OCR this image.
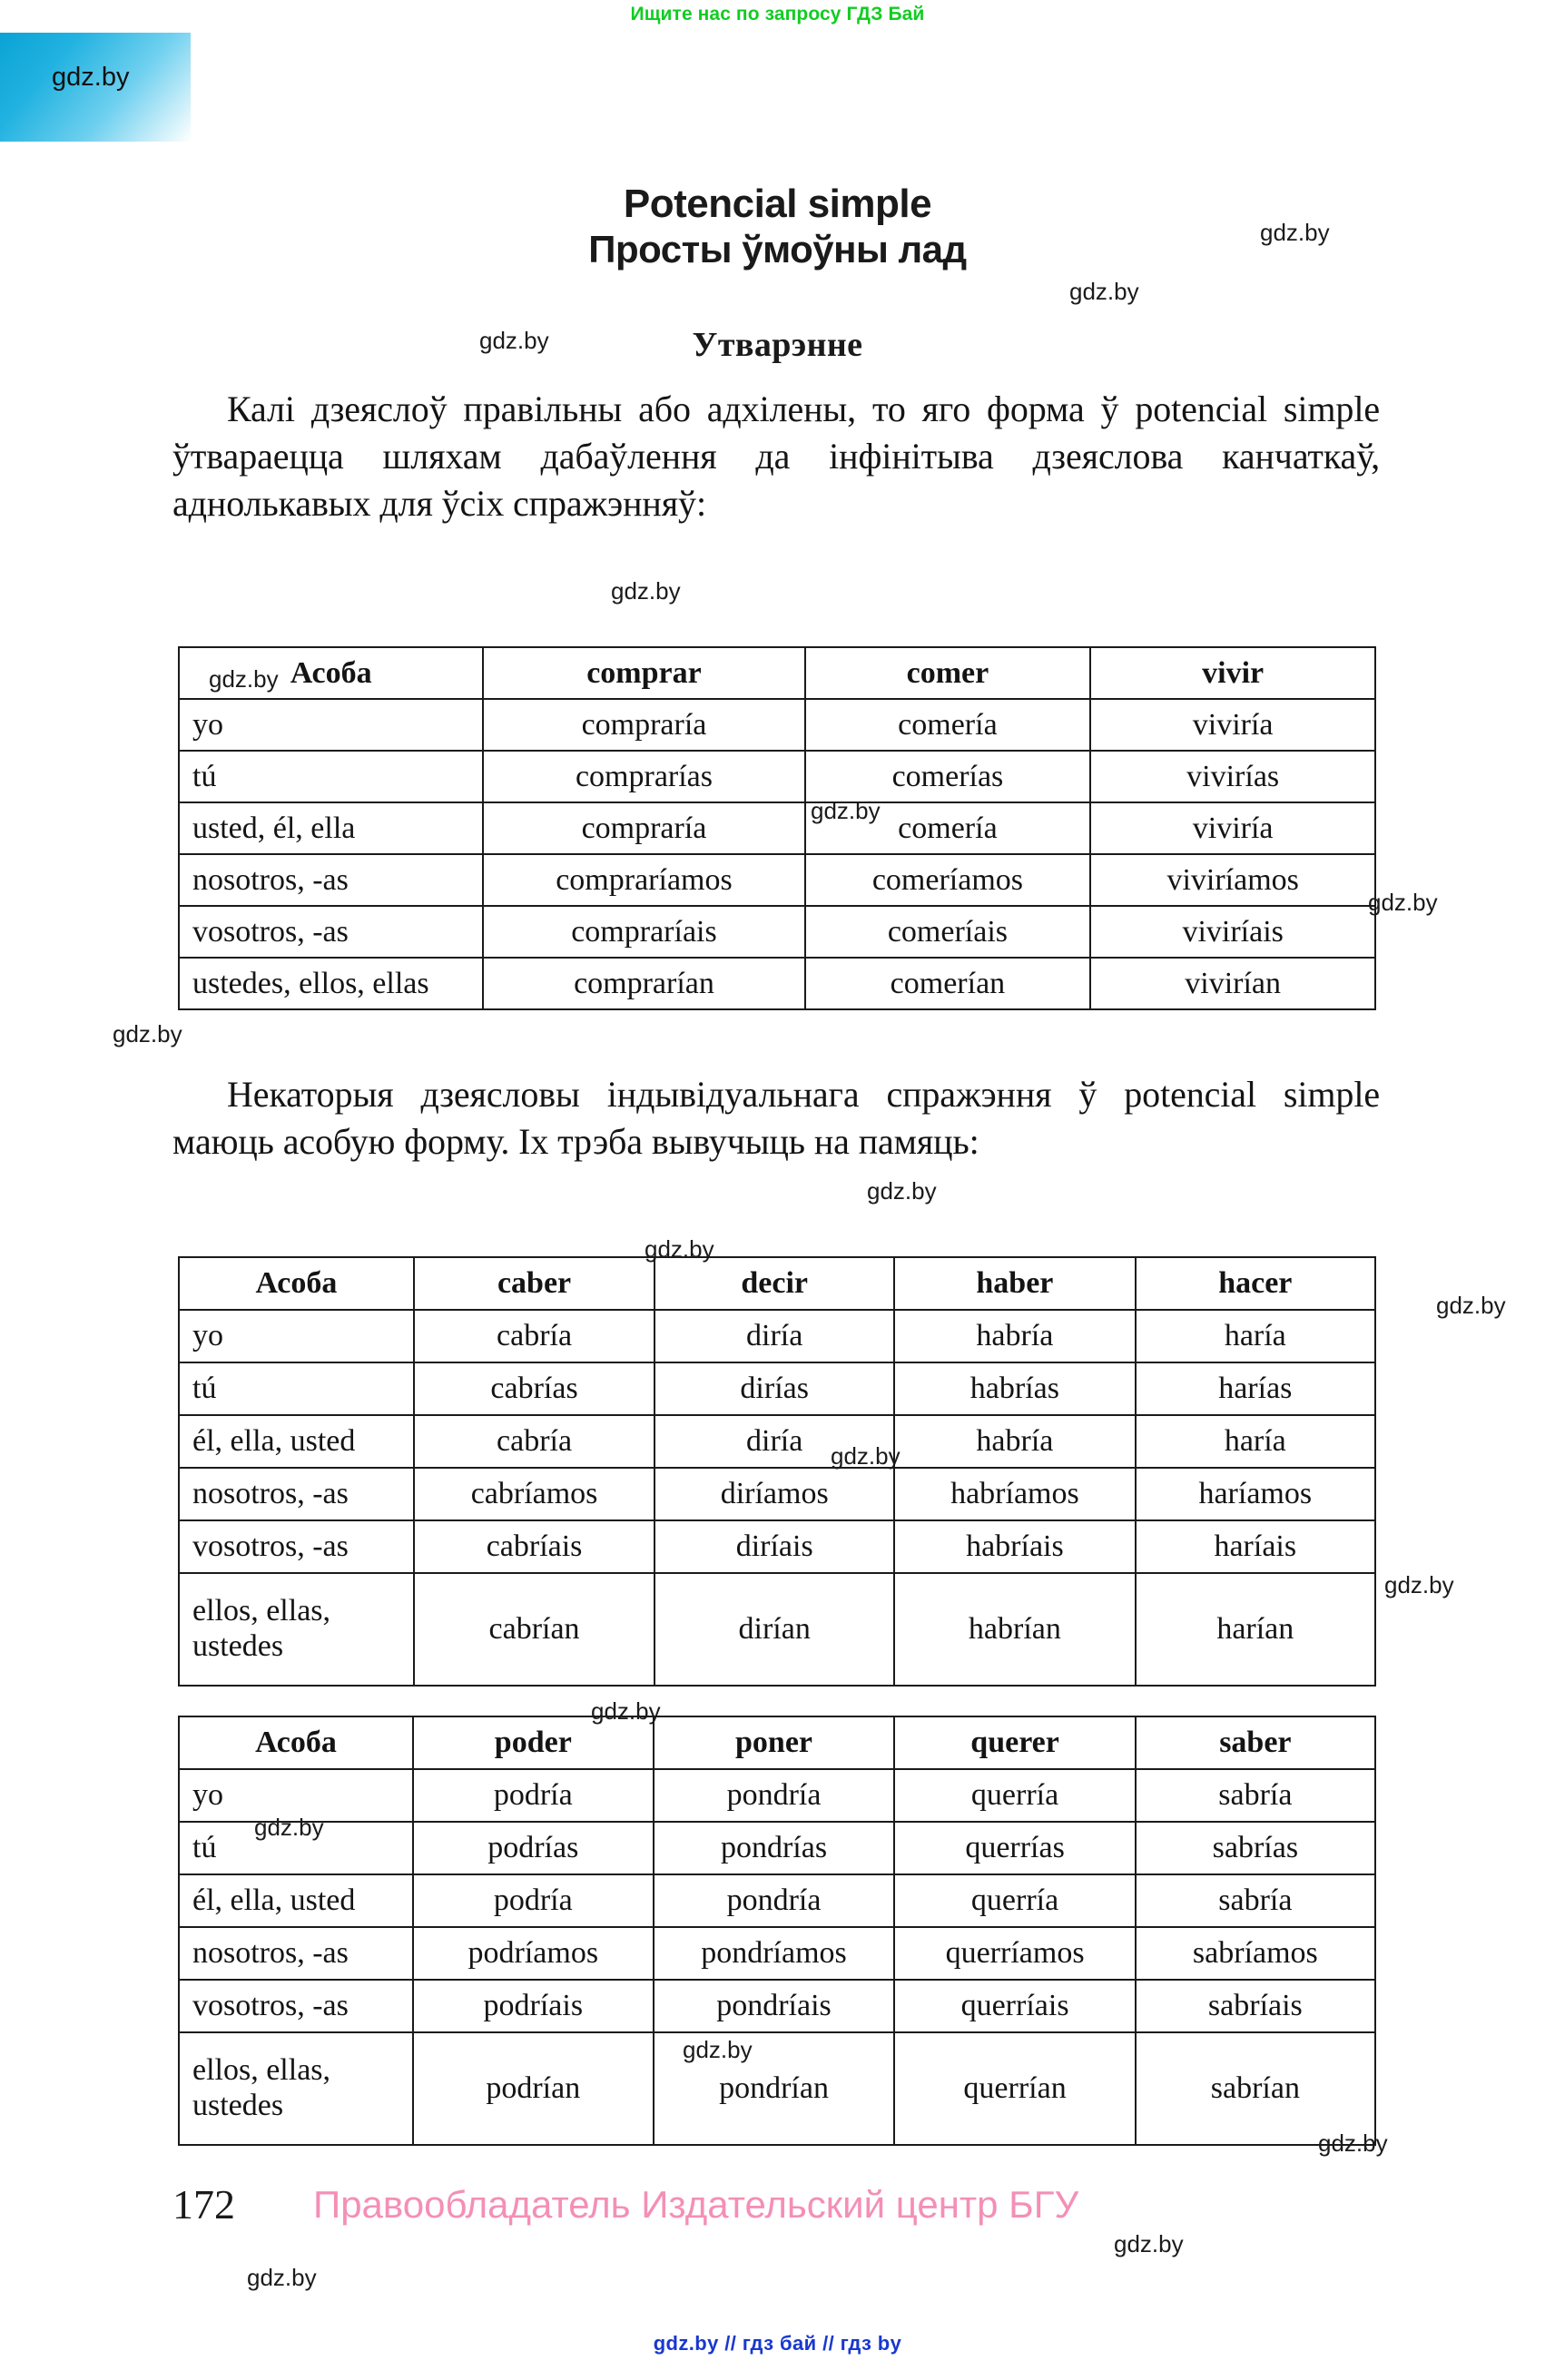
Ищите нас по запросу ГДЗ Бай
gdz.by
Potencial simple
Просты ўмоўны лад
Утварэнне

Калі дзеяслоў правільны або адхілены, то яго форма ў potencial simple ўтвараецца шляхам дабаўлення да інфінітыва дзеяслова канчаткаў, аднолькавых для ўсіх спражэнняў:

Асоба	comprar	comer	vivir
yo	compraría	comería	viviría
tú	comprarías	comerías	vivirías
usted, él, ella	compraría	comería	viviría
nosotros, -as	compraríamos	comeríamos	viviríamos
vosotros, -as	compraríais	comeríais	viviríais
ustedes, ellos, ellas	comprarían	comerían	vivirían

Некаторыя дзеясловы індывідуальнага спражэння ў potencial simple маюць асобую форму. Іх трэба вывучыць на памяць:

Асоба	caber	decir	haber	hacer
yo	cabría	diría	habría	haría
tú	cabrías	dirías	habrías	harías
él, ella, usted	cabría	diría	habría	haría
nosotros, -as	cabríamos	diríamos	habríamos	haríamos
vosotros, -as	cabríais	diríais	habríais	haríais
ellos, ellas,
ustedes	cabrían	dirían	habrían	harían
Асоба	poder	poner	querer	saber
yo	podría	pondría	querría	sabría
tú	podrías	pondrías	querrías	sabrías
él, ella, usted	podría	pondría	querría	sabría
nosotros, -as	podríamos	pondríamos	querríamos	sabríamos
vosotros, -as	podríais	pondríais	querríais	sabríais
ellos, ellas,
ustedes	podrían	pondrían	querrían	sabrían
172 Правообладатель Издательский центр БГУ
gdz.by // гдз бай // гдз by
gdz.by
gdz.by
gdz.by
gdz.by
gdz.by
gdz.by
gdz.by
gdz.by
gdz.by
gdz.by
gdz.by
gdz.by
gdz.by
gdz.by
gdz.by
gdz.by
gdz.by
gdz.by
gdz.by
